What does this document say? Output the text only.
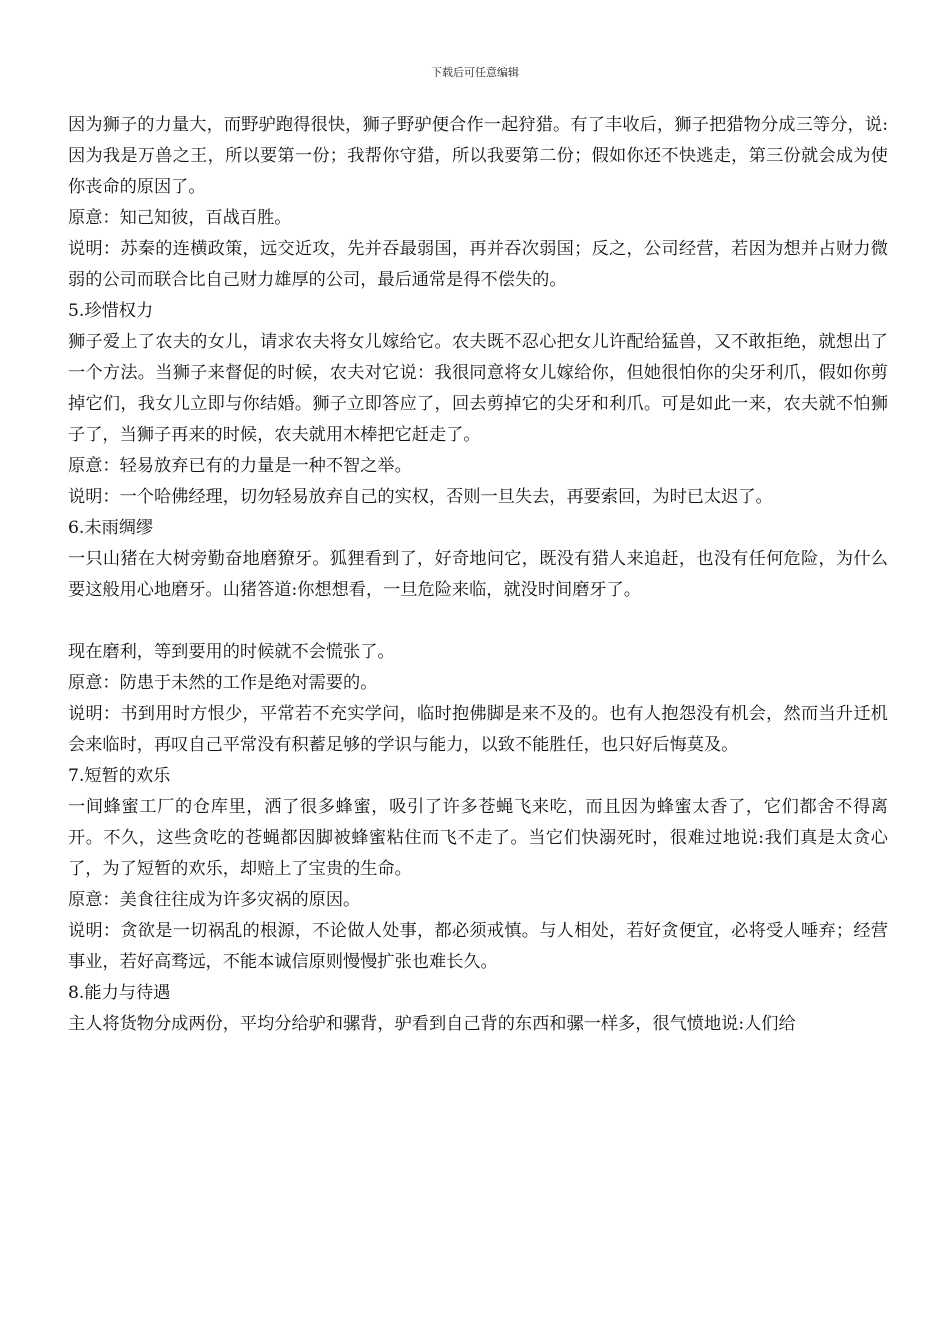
下载后可任意编辑

因为狮子的力量大，而野驴跑得很快，狮子野驴便合作一起狩猎。有了丰收后，狮子把猎物分成三等分，说:因为我是万兽之王，所以要第一份；我帮你守猎，所以我要第二份；假如你还不快逃走，第三份就会成为使你丧命的原因了。

原意：知己知彼，百战百胜。

说明：苏秦的连横政策，远交近攻，先并吞最弱国，再并吞次弱国；反之，公司经营，若因为想并占财力微弱的公司而联合比自己财力雄厚的公司，最后通常是得不偿失的。

5.珍惜权力

狮子爱上了农夫的女儿，请求农夫将女儿嫁给它。农夫既不忍心把女儿许配给猛兽，又不敢拒绝，就想出了一个方法。当狮子来督促的时候，农夫对它说：我很同意将女儿嫁给你，但她很怕你的尖牙利爪，假如你剪掉它们，我女儿立即与你结婚。狮子立即答应了，回去剪掉它的尖牙和利爪。可是如此一来，农夫就不怕狮子了，当狮子再来的时候，农夫就用木棒把它赶走了。

原意：轻易放弃已有的力量是一种不智之举。

说明：一个哈佛经理，切勿轻易放弃自己的实权，否则一旦失去，再要索回，为时已太迟了。

6.未雨绸缪

一只山猪在大树旁勤奋地磨獠牙。狐狸看到了，好奇地问它，既没有猎人来追赶，也没有任何危险，为什么要这般用心地磨牙。山猪答道:你想想看，一旦危险来临，就没时间磨牙了。

现在磨利，等到要用的时候就不会慌张了。

原意：防患于未然的工作是绝对需要的。

说明：书到用时方恨少，平常若不充实学问，临时抱佛脚是来不及的。也有人抱怨没有机会，然而当升迁机会来临时，再叹自己平常没有积蓄足够的学识与能力，以致不能胜任，也只好后悔莫及。

7.短暂的欢乐

一间蜂蜜工厂的仓库里，洒了很多蜂蜜，吸引了许多苍蝇飞来吃，而且因为蜂蜜太香了，它们都舍不得离开。不久，这些贪吃的苍蝇都因脚被蜂蜜粘住而飞不走了。当它们快溺死时，很难过地说:我们真是太贪心了，为了短暂的欢乐，却赔上了宝贵的生命。

原意：美食往往成为许多灾祸的原因。

说明：贪欲是一切祸乱的根源，不论做人处事，都必须戒慎。与人相处，若好贪便宜，必将受人唾弃；经营事业，若好高骛远，不能本诚信原则慢慢扩张也难长久。

8.能力与待遇

主人将货物分成两份，平均分给驴和骡背，驴看到自己背的东西和骡一样多，很气愤地说:人们给
